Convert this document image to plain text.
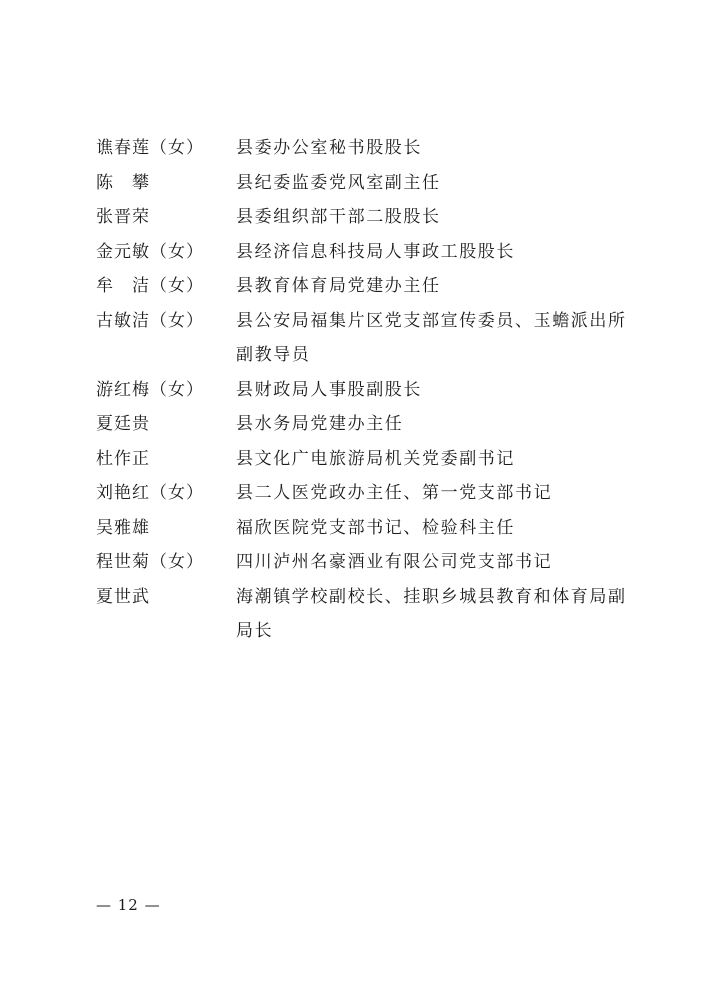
谯春莲（女）	县委办公室秘书股股长
陈　攀	县纪委监委党风室副主任
张晋荣	县委组织部干部二股股长
金元敏（女）	县经济信息科技局人事政工股股长
牟　洁（女）	县教育体育局党建办主任
古敏洁（女）	县公安局福集片区党支部宣传委员、玉蟾派出所副教导员
游红梅（女）	县财政局人事股副股长
夏廷贵	县水务局党建办主任
杜作正	县文化广电旅游局机关党委副书记
刘艳红（女）	县二人医党政办主任、第一党支部书记
吴雅雄	福欣医院党支部书记、检验科主任
程世菊（女）	四川泸州名豪酒业有限公司党支部书记
夏世武	海潮镇学校副校长、挂职乡城县教育和体育局副局长
— 12 —
